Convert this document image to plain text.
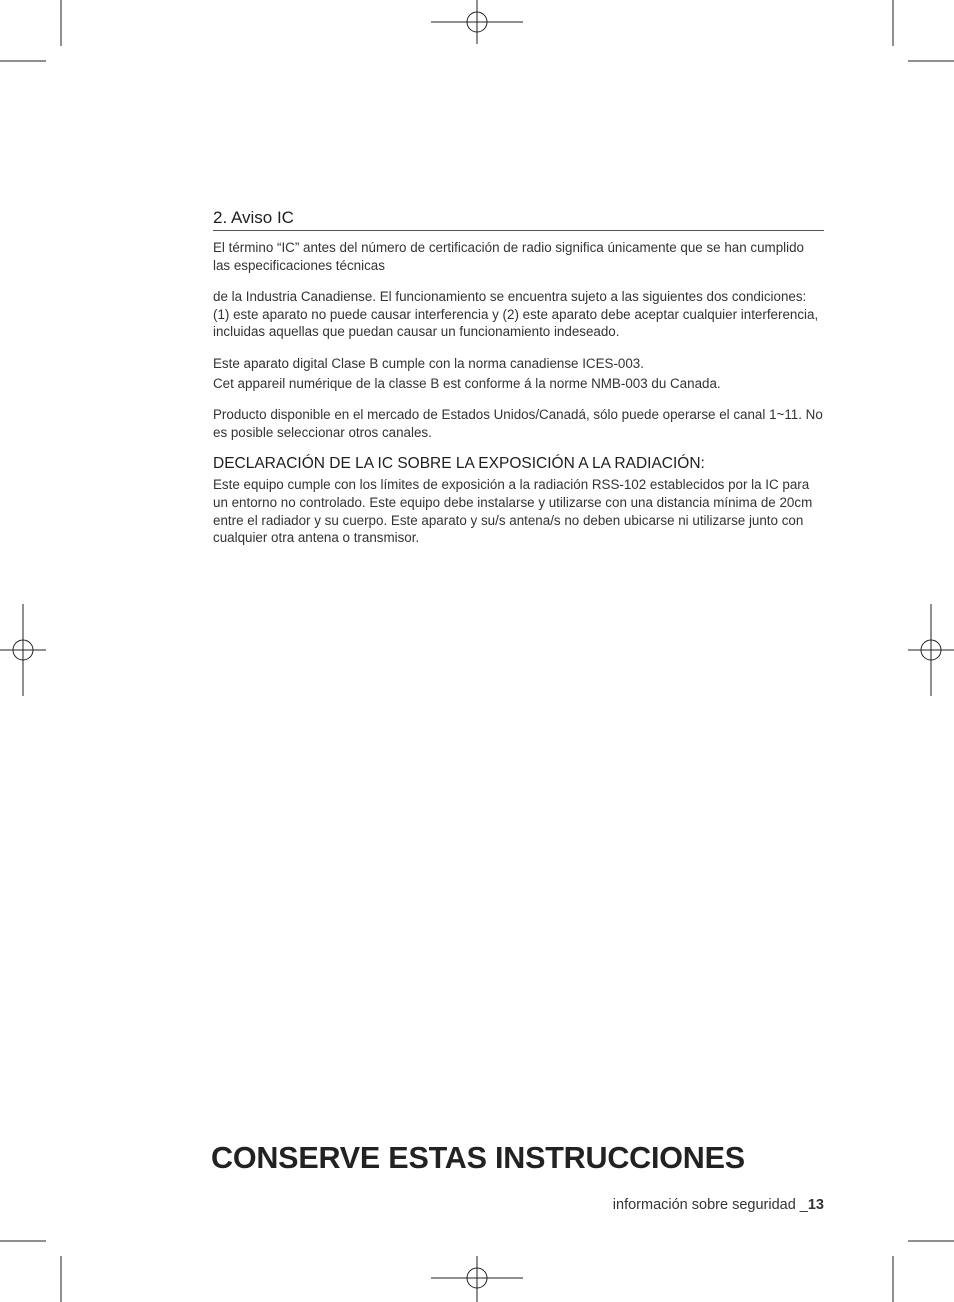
2. Aviso IC

El término “IC” antes del número de certificación de radio significa únicamente que se han cumplido las especificaciones técnicas

de la Industria Canadiense. El funcionamiento se encuentra sujeto a las siguientes dos condiciones: (1) este aparato no puede causar interferencia y (2) este aparato debe aceptar cualquier interferencia, incluidas aquellas que puedan causar un funcionamiento indeseado.

Este aparato digital Clase B cumple con la norma canadiense ICES-003.

Cet appareil numérique de la classe B est conforme á la norme NMB-003 du Canada.

Producto disponible en el mercado de Estados Unidos/Canadá, sólo puede operarse el canal 1~11. No es posible seleccionar otros canales.

DECLARACIÓN DE LA IC SOBRE LA EXPOSICIÓN A LA RADIACIÓN:

Este equipo cumple con los límites de exposición a la radiación RSS-102 establecidos por la IC para un entorno no controlado. Este equipo debe instalarse y utilizarse con una distancia mínima de 20cm entre el radiador y su cuerpo. Este aparato y su/s antena/s no deben ubicarse ni utilizarse junto con cualquier otra antena o transmisor.

CONSERVE ESTAS INSTRUCCIONES
información sobre seguridad _13
